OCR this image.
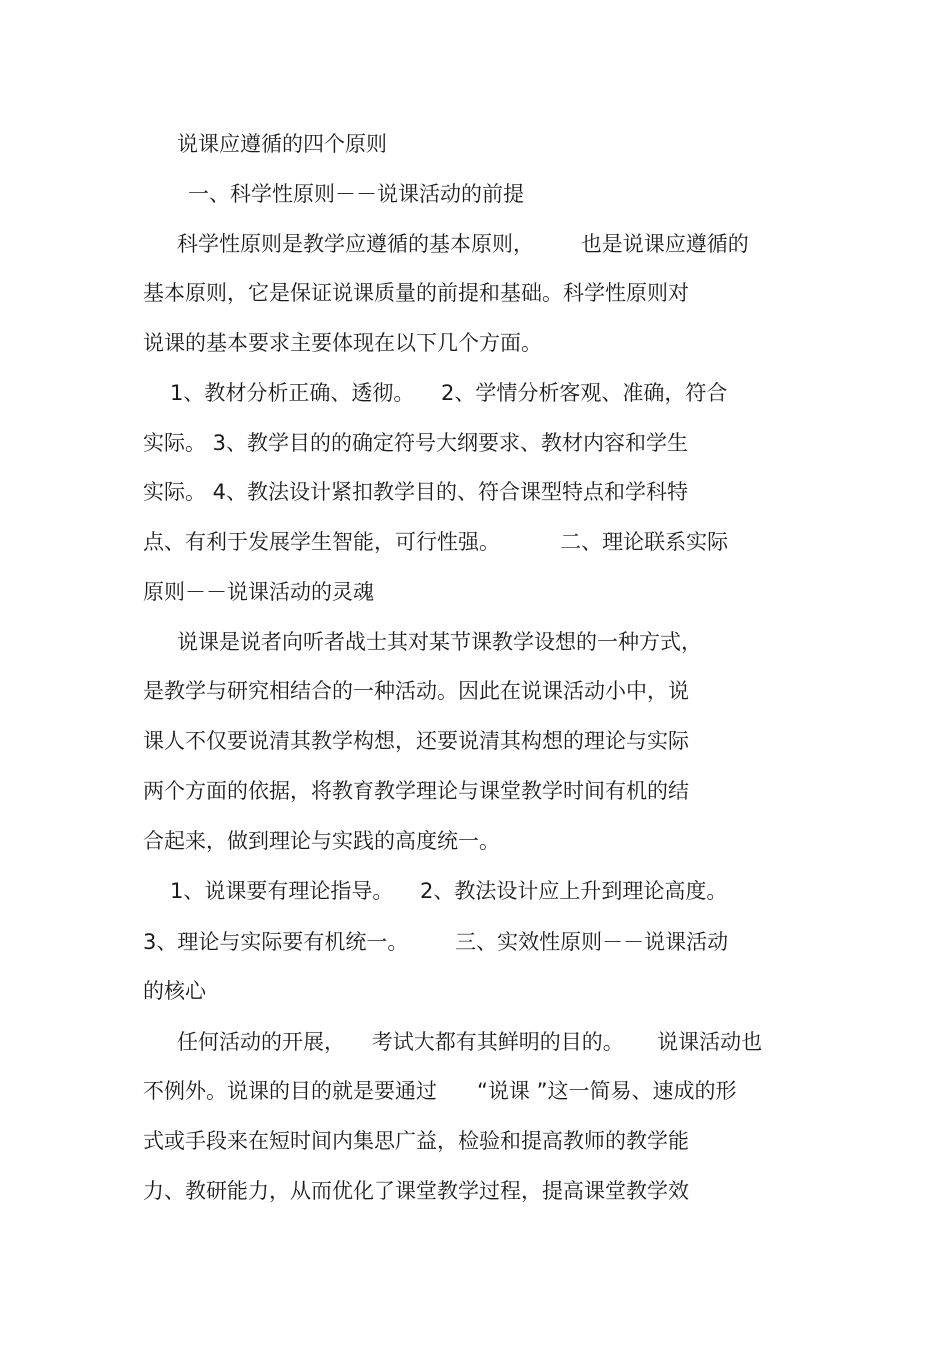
说课应遵循的四个原则
一、科学性原则－－说课活动的前提
科学性原则是教学应遵循的基本原则，       也是说课应遵循的
基本原则，它是保证说课质量的前提和基础。科学性原则对
说课的基本要求主要体现在以下几个方面。
1、教材分析正确、透彻。    2、学情分析客观、准确，符合
实际。 3、教学目的的确定符号大纲要求、教材内容和学生
实际。 4、教法设计紧扣教学目的、符合课型特点和学科特
点、有利于发展学生智能，可行性强。         二、理论联系实际
原则－－说课活动的灵魂
说课是说者向听者战士其对某节课教学设想的一种方式，
是教学与研究相结合的一种活动。因此在说课活动小中，说
课人不仅要说清其教学构想，还要说清其构想的理论与实际
两个方面的依据，将教育教学理论与课堂教学时间有机的结
合起来，做到理论与实践的高度统一。
1、说课要有理论指导。    2、教法设计应上升到理论高度。
3、理论与实际要有机统一。       三、实效性原则－－说课活动
的核心
任何活动的开展，    考试大都有其鲜明的目的。     说课活动也
不例外。说课的目的就是要通过      “说课 ”这一简易、速成的形
式或手段来在短时间内集思广益，检验和提高教师的教学能
力、教研能力，从而优化了课堂教学过程，提高课堂教学效
